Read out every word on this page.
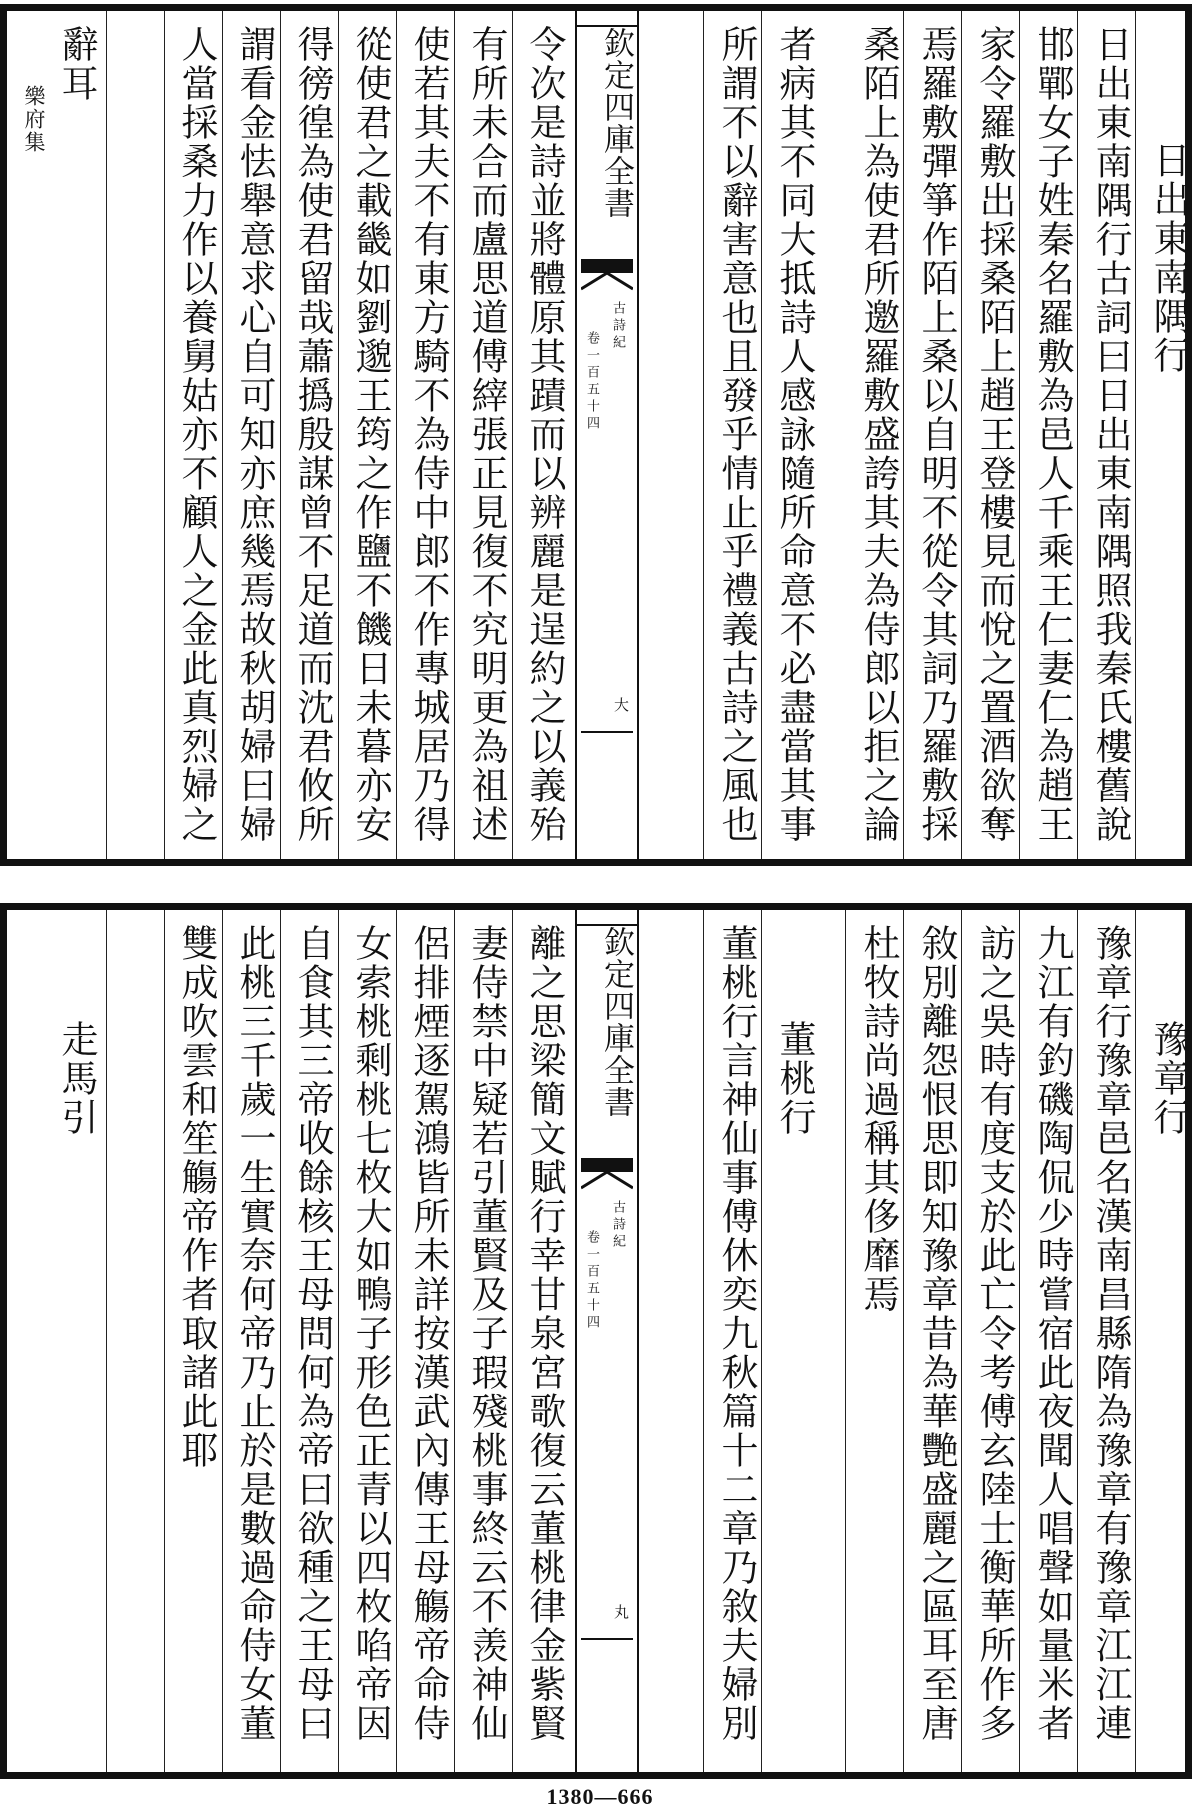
日出東南隅行
日出東南隅行古詞曰日出東南隅照我秦氏樓舊說
邯鄲女子姓秦名羅敷為邑人千乘王仁妻仁為趙王
家令羅敷出採桑陌上趙王登樓見而悅之置酒欲奪
焉羅敷彈箏作陌上桑以自明不從令其詞乃羅敷採
桑陌上為使君所邀羅敷盛誇其夫為侍郎以拒之論
者病其不同大抵詩人感詠隨所命意不必盡當其事
所謂不以辭害意也且發乎情止乎禮義古詩之風也
欽定四庫全書
古詩紀
卷一百五十四
大
令次是詩並將體原其蹟而以辨麗是逞約之以義殆
有所未合而盧思道傅縡張正見復不究明更為祖述
使若其夫不有東方騎不為侍中郎不作專城居乃得
從使君之載畿如劉邈王筠之作鹽不饑日未暮亦安
得徬徨為使君留哉蕭撝殷謀曾不足道而沈君攸所
謂看金怯舉意求心自可知亦庶幾焉故秋胡婦曰婦
人當採桑力作以養舅姑亦不顧人之金此真烈婦之
辭耳
樂府集
豫章行
豫章行豫章邑名漢南昌縣隋為豫章有豫章江江連
九江有釣磯陶侃少時嘗宿此夜聞人唱聲如量米者
訪之吳時有度支於此亡令考傅玄陸士衡華所作多
敘別離怨恨思即知豫章昔為華艷盛麗之區耳至唐
杜牧詩尚過稱其侈靡焉
董桃行
董桃行言神仙事傅休奕九秋篇十二章乃敘夫婦別
欽定四庫全書
古詩紀
卷一百五十四
丸
離之思梁簡文賦行幸甘泉宮歌復云董桃律金紫賢
妻侍禁中疑若引董賢及子瑕殘桃事終云不羡神仙
侶排煙逐駕鴻皆所未詳按漢武內傳王母觴帝命侍
女索桃剩桃七枚大如鴨子形色正青以四枚啗帝因
自食其三帝收餘核王母問何為帝曰欲種之王母曰
此桃三千歲一生實奈何帝乃止於是數過命侍女董
雙成吹雲和笙觴帝作者取諸此耶
走馬引
1380—666
